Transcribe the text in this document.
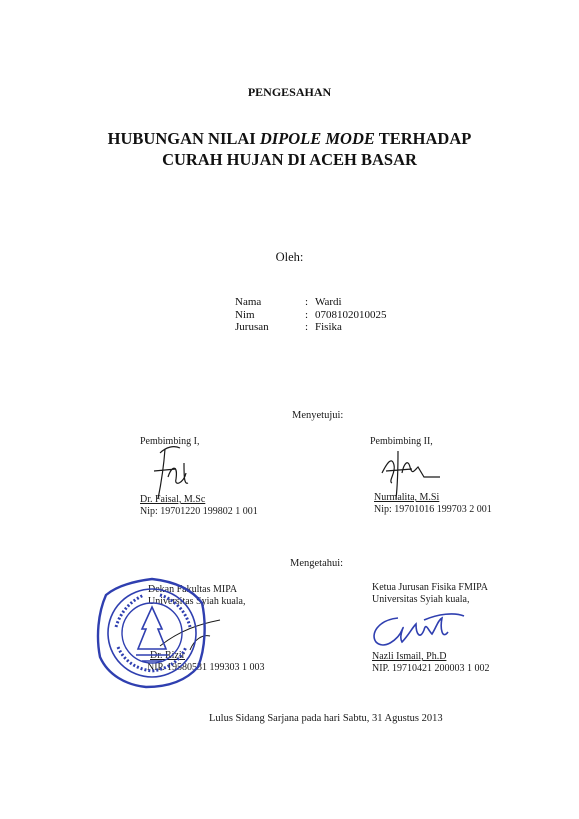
PENGESAHAN
HUBUNGAN NILAI DIPOLE MODE TERHADAP
CURAH HUJAN DI ACEH BASAR
Oleh:
Nama	: Wardi
Nim	: 0708102010025
Jurusan	: Fisika
Menyetujui:
Pembimbing I,
Dr. Faisal, M.Sc
Nip: 19701220 199802 1 001
Pembimbing II,
Nurmalita, M.Si
Nip: 19701016 199703 2 001
Mengetahui:
Dekan Fakultas MIPA
Universitas Syiah kuala,
Dr. Rizir
NIP. 19580531 199303 1 003
Ketua Jurusan Fisika FMIPA
Universitas Syiah kuala,
Nazli Ismail, Ph.D
NIP. 19710421 200003 1 002
Lulus Sidang Sarjana pada hari Sabtu, 31 Agustus 2013
